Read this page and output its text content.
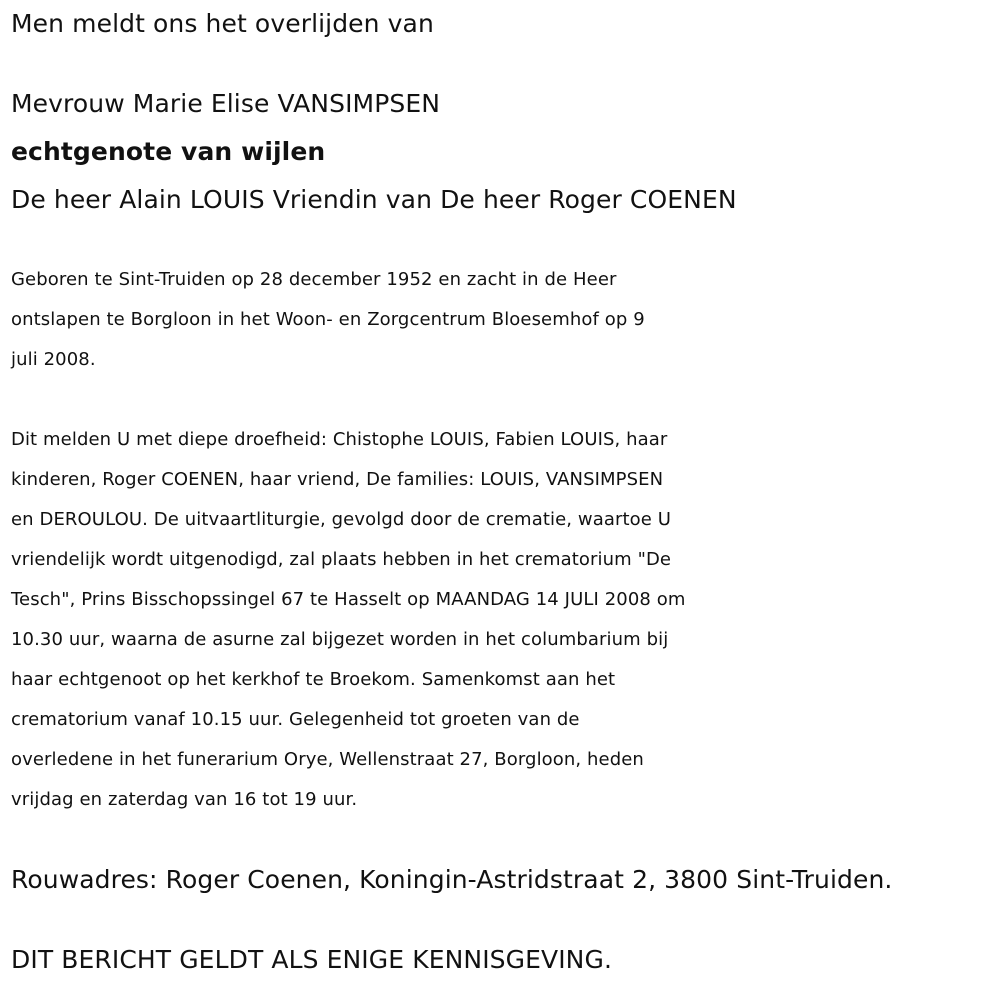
Men meldt ons het overlijden van

Mevrouw Marie Elise VANSIMPSEN

echtgenote van wijlen

De heer Alain LOUIS Vriendin van De heer Roger COENEN

Geboren te Sint-Truiden op 28 december 1952 en zacht in de Heer
ontslapen te Borgloon in het Woon- en Zorgcentrum Bloesemhof op 9
juli 2008.
Dit melden U met diepe droefheid: Chistophe LOUIS, Fabien LOUIS, haar
kinderen, Roger COENEN, haar vriend, De families: LOUIS, VANSIMPSEN
en DEROULOU. De uitvaartliturgie, gevolgd door de crematie, waartoe U
vriendelijk wordt uitgenodigd, zal plaats hebben in het crematorium "De
Tesch", Prins Bisschopssingel 67 te Hasselt op MAANDAG 14 JULI 2008 om
10.30 uur, waarna de asurne zal bijgezet worden in het columbarium bij
haar echtgenoot op het kerkhof te Broekom. Samenkomst aan het
crematorium vanaf 10.15 uur. Gelegenheid tot groeten van de
overledene in het funerarium Orye, Wellenstraat 27, Borgloon, heden
vrijdag en zaterdag van 16 tot 19 uur.

Rouwadres: Roger Coenen, Koningin-Astridstraat 2, 3800 Sint-Truiden.

DIT BERICHT GELDT ALS ENIGE KENNISGEVING.
